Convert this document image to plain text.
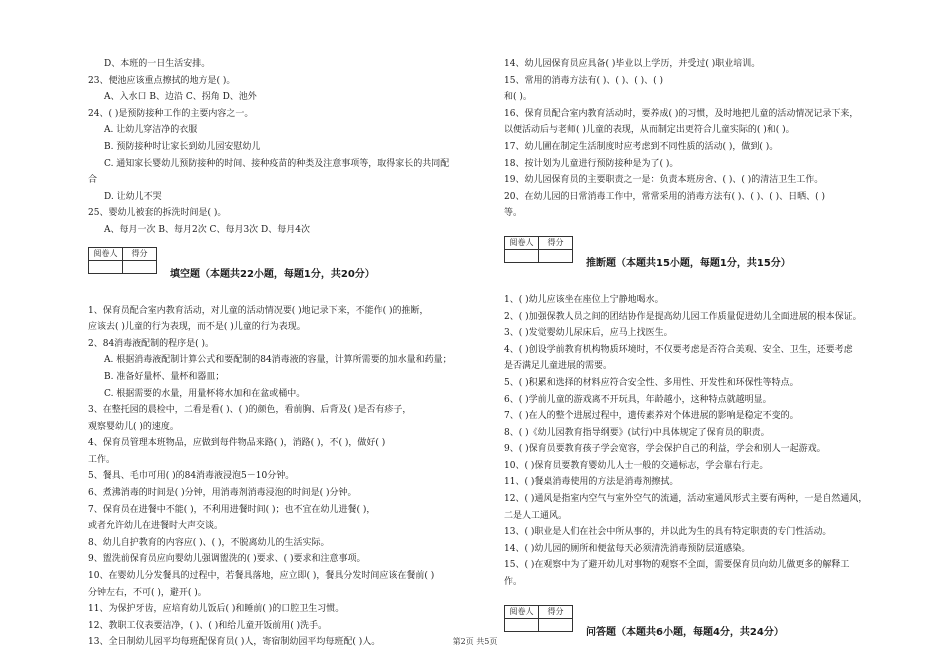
D、本班的一日生活安排。
23、便池应该重点擦拭的地方是( )。
A、入水口 B、边沿 C、拐角 D、池外
24、( )是预防接种工作的主要内容之一。
A. 让幼儿穿洁净的衣服
B. 预防接种时让家长到幼儿园安慰幼儿
C. 通知家长婴幼儿预防接种的时间、接种疫苗的种类及注意事项等，取得家长的共同配
合
D. 让幼儿不哭
25、婴幼儿被套的拆洗时间是( )。
A、每月一次 B、每月2次 C、每月3次 D、每月4次
阅卷人	得分

填空题（本题共22小题，每题1分，共20分）
1、保育员配合室内教育活动，对儿童的活动情况要( )地记录下来，不能作( )的推断，
应该去( )儿童的行为表现，而不是( )儿童的行为表现。
2、84消毒液配制的程序是( )。
A. 根据消毒液配制计算公式和要配制的84消毒液的容量，计算所需要的加水量和药量；
B. 准备好量杯、量杯和器皿；
C. 根据需要的水量，用量杯将水加和在盆或桶中。
3、在整托园的晨检中，二看是看( )、( )的颜色，看前胸、后背及( )是否有疹子，
观察婴幼儿( )的速度。
4、保育员管理本班物品，应做到每件物品来路( )，消路( )，不( )，做好( )
工作。
5、餐具、毛巾可用( )的84消毒液浸泡5－10分钟。
6、煮沸消毒的时间是( )分钟，用消毒剂消毒浸泡的时间是( )分钟。
7、保育员在进餐中不能( )，不利用进餐时间( )；也不宜在幼儿进餐( )，
或者允许幼儿在进餐时大声交谈。
8、幼儿自护教育的内容应( )、( )，不脱离幼儿的生活实际。
9、盥洗前保育员应向婴幼儿强调盥洗的( )要求、( )要求和注意事项。
10、在婴幼儿分发餐具的过程中，若餐具落地，应立即( )，餐具分发时间应该在餐前( )
分钟左右，不可( )，避开( )。
11、为保护牙齿，应培育幼儿饭后( )和睡前( )的口腔卫生习惯。
12、教职工仪表要洁净，( )、( )和给儿童开饭前用( )洗手。
13、全日制幼儿园平均每班配保育员( )人，寄宿制幼园平均每班配( )人。
14、幼儿园保育员应具备( )毕业以上学历，并受过( )职业培训。
15、常用的消毒方法有( )、( )、( )、( )
和( )。
16、保育员配合室内教育活动时，要养成( )的习惯，及时地把儿童的活动情况记录下来，
以便活动后与老师( )儿童的表现，从而制定出更符合儿童实际的( )和( )。
17、幼儿圃在制定生活制度时应考虑到不同性质的活动( )，做到( )。
18、按计划为儿童进行预防接种是为了( )。
19、幼儿园保育员的主要职责之一是：负责本班房舍、( )、( )的清洁卫生工作。
20、在幼儿园的日常消毒工作中，常常采用的消毒方法有( )、( )、( )、日晒、( )
等。
阅卷人	得分

推断题（本题共15小题，每题1分，共15分）
1、( )幼儿应该坐在座位上宁静地喝水。
2、( )加强保教人员之间的团结协作是提高幼儿园工作质量促进幼儿全面进展的根本保证。
3、( )发觉婴幼儿尿床后，应马上找医生。
4、( )创设学前教育机构物质环境时，不仅要考虑是否符合美观、安全、卫生，还要考虑
是否满足儿童进展的需要。
5、( )积累和选择的材料应符合安全性、多用性、开发性和环保性等特点。
6、( )学前儿童的游戏离不开玩具，年龄越小，这种特点就越明显。
7、( )在人的整个进展过程中，遗传素养对个体进展的影响是稳定不变的。
8、( )《幼儿园教育指导纲要》(试行)中具体规定了保育员的职责。
9、( )保育员要教育孩子学会宽容，学会保护自己的利益，学会和别人一起游戏。
10、( )保育员要教育婴幼儿人士一般的交通标志，学会靠右行走。
11、( )餐桌消毒使用的方法是消毒剂擦拭。
12、( )通风是指室内空气与室外空气的流通，活动室通风形式主要有两种，一是自然通风，
二是人工通风。
13、( )职业是人们在社会中所从事的，并以此为生的具有特定职责的专门性活动。
14、( )幼儿园的厕所和便盆每天必须清洗消毒预防层道感染。
15、( )在观察中为了避开幼儿对事物的观察不全面，需要保育员向幼儿做更多的解释工
作。
阅卷人	得分

问答题（本题共6小题，每题4分，共24分）
第2页 共5页
